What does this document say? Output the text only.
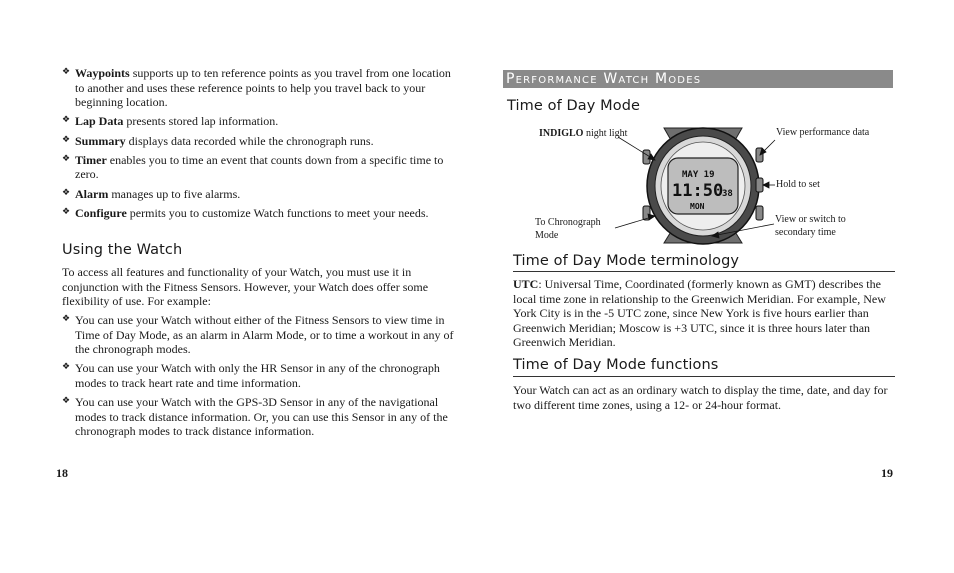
❖ Waypoints supports up to ten reference points as you travel from one location to another and uses these reference points to help you travel back to your beginning location.
❖ Lap Data presents stored lap information.
❖ Summary displays data recorded while the chronograph runs.
❖ Timer enables you to time an event that counts down from a specific time to zero.
❖ Alarm manages up to five alarms.
❖ Configure permits you to customize Watch functions to meet your needs.
Using the Watch

To access all features and functionality of your Watch, you must use it in conjunction with the Fitness Sensors. However, your Watch does offer some flexibility of use. For example:

❖ You can use your Watch without either of the Fitness Sensors to view time in Time of Day Mode, as an alarm in Alarm Mode, or to time a workout in any of the chronograph modes.
❖ You can use your Watch with only the HR Sensor in any of the chronograph modes to track heart rate and time information.
❖ You can use your Watch with the GPS-3D Sensor in any of the navigational modes to track distance information. Or, you can use this Sensor in any of the chronograph modes to track distance information.
18
Performance Watch Modes
Time of Day Mode
INDIGLO night light	View performance data
Hold to set
To Chronograph Mode
View or switch to secondary time
MAY 19
11:50
38
MON
Time of Day Mode terminology

UTC: Universal Time, Coordinated (formerly known as GMT) describes the local time zone in relationship to the Greenwich Meridian. For example, New York City is in the -5 UTC zone, since New York is five hours earlier than Greenwich Meridian; Moscow is +3 UTC, since it is three hours later than Greenwich Meridian.

Time of Day Mode functions

Your Watch can act as an ordinary watch to display the time, date, and day for two different time zones, using a 12- or 24-hour format.

19
